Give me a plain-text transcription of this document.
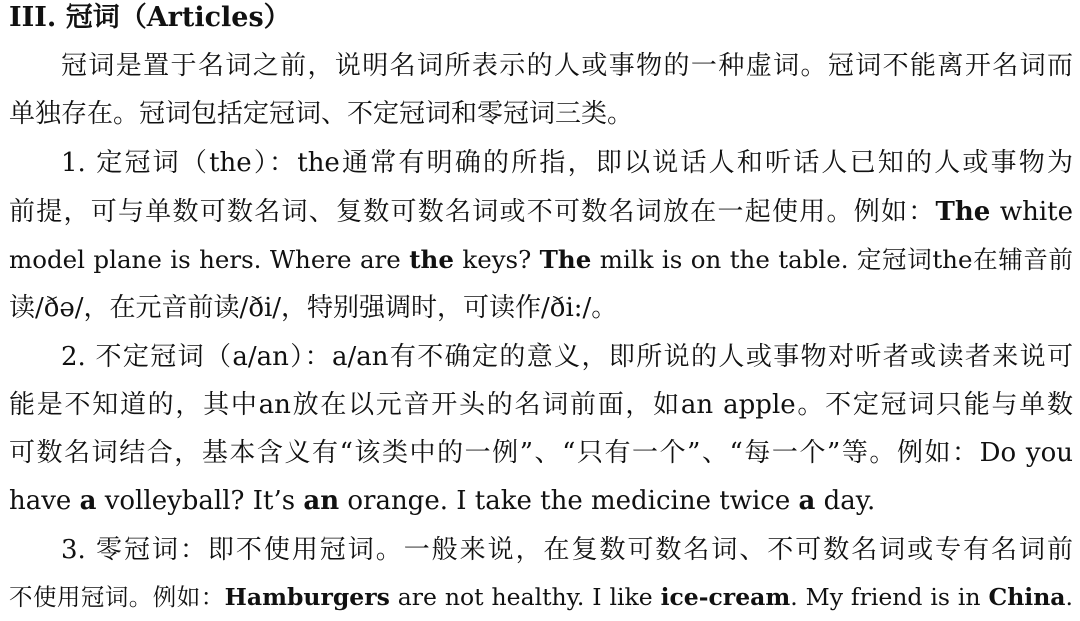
III. 冠词（Articles）
冠词是置于名词之前，说明名词所表示的人或事物的一种虚词。冠词不能离开名词而
单独存在。冠词包括定冠词、不定冠词和零冠词三类。
1. 定冠词（the）：the通常有明确的所指，即以说话人和听话人已知的人或事物为
前提，可与单数可数名词、复数可数名词或不可数名词放在一起使用。例如：The white
model plane is hers. Where are the keys? The milk is on the table. 定冠词the在辅音前
读/ðə/，在元音前读/ði/，特别强调时，可读作/ði:/。
2. 不定冠词（a/an）：a/an有不确定的意义，即所说的人或事物对听者或读者来说可
能是不知道的，其中an放在以元音开头的名词前面，如an apple。不定冠词只能与单数
可数名词结合，基本含义有“该类中的一例”、“只有一个”、“每一个”等。例如：Do you
have a volleyball? It’s an orange. I take the medicine twice a day.
3. 零冠词：即不使用冠词。一般来说，在复数可数名词、不可数名词或专有名词前
不使用冠词。例如：Hamburgers are not healthy. I like ice-cream. My friend is in China.
